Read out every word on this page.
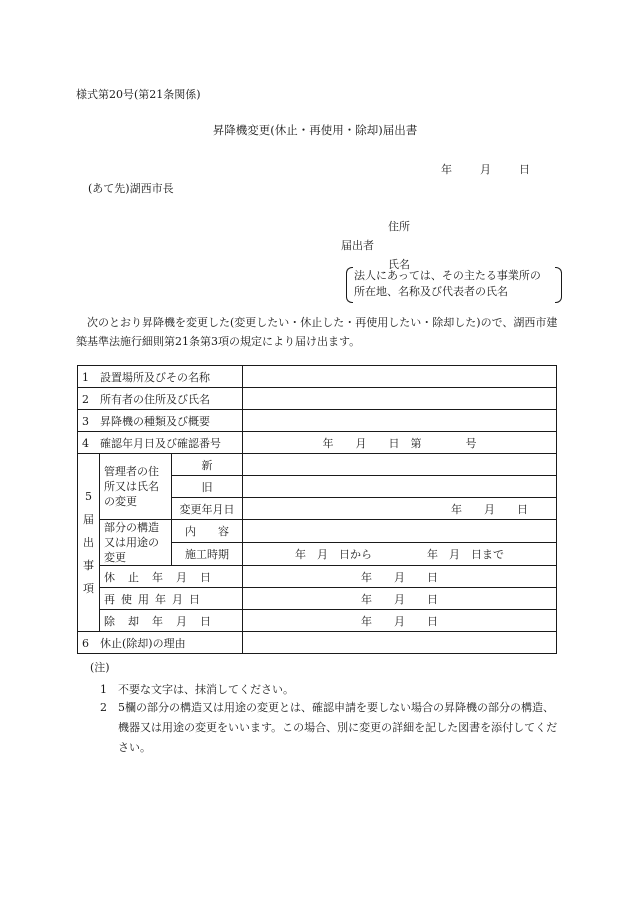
様式第20号(第21条関係)
昇降機変更(休止・再使用・除却)届出書
年	月	日
(あて先)湖西市長
住所
届出者
氏名
法人にあっては、その主たる事業所の
所在地、名称及び代表者の氏名
次のとおり昇降機を変更した(変更したい・休止した・再使用したい・除却した)ので、湖西市建築基準法施行細則第21条第3項の規定により届け出ます。
1　設置場所及びその名称			
2　所有者の住所及び氏名			
3　昇降機の種類及び概要			
4　確認年月日及び確認番号			年　　月　　日　第　　　　号
5 届 出 事 項	管理者の住所又は氏名の変更	新	
		旧	
		変更年月日	年　　月　　日
	部分の構造又は用途の変更	内　　容	
		施工時期	年　月　日から　　　　　年　月　日まで
	休　止　年　月　日		年　　月　　日
	再使用年月日		年　　月　　日
	除　却　年　月　日		年　　月　　日
6　休止(除却)の理由			
(注)
1　不要な文字は、抹消してください。
2　5欄の部分の構造又は用途の変更とは、確認申請を要しない場合の昇降機の部分の構造、機器又は用途の変更をいいます。この場合、別に変更の詳細を記した図書を添付してください。
